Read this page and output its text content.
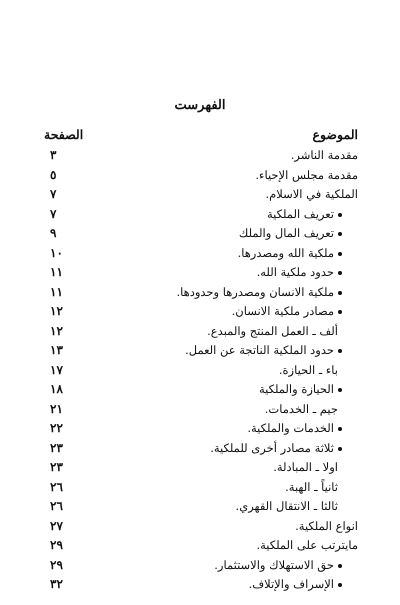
الفهرست
الموضوع
الصفحة
مقدمة الناشر.
٣
مقدمة مجلس الإحياء.
٥
الملكية في الاسلام.
٧
تعريف الملكية
٧
تعريف المال والملك
٩
ملكية الله ومصدرها.
١٠
حدود ملكية الله.
١١
ملكية الانسان ومصدرها وحدودها.
١١
مصادر ملكية الانسان.
١٢
ألف ـ العمل المنتج والمبدع.
١٢
حدود الملكية الناتجة عن العمل.
١٣
باء ـ الحيازة.
١٧
الحيازة والملكية
١٨
جيم ـ الخدمات.
٢١
الخدمات والملكية.
٢٢
ثلاثة مصادر أخرى للملكية.
٢٣
اولا ـ المبادلة.
٢٣
ثانياً ـ الهبة.
٢٦
ثالثا ـ الانتقال القهري.
٢٦
انواع الملكية.
٢٧
مايترتب على الملكية.
٢٩
حق الاستهلاك والاستثمار.
٢٩
الإسراف والإتلاف.
٣٢
